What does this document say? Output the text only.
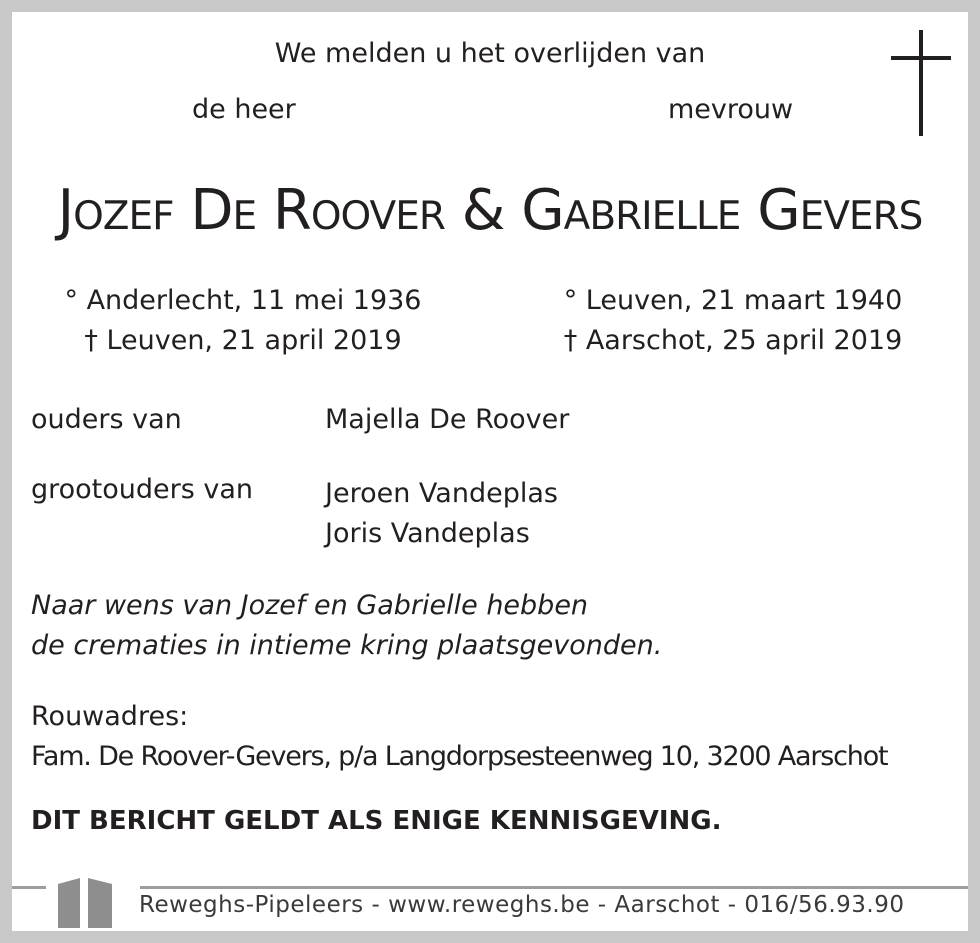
We melden u het overlijden van
de heer	mevrouw
Jozef De Roover & Gabrielle Gevers
° Anderlecht, 11 mei 1936
† Leuven, 21 april 2019
° Leuven, 21 maart 1940
† Aarschot, 25 april 2019
ouders van	Majella De Roover
grootouders van	Jeroen Vandeplas
Joris Vandeplas
Naar wens van Jozef en Gabrielle hebben
de crematies in intieme kring plaatsgevonden.
Rouwadres:
Fam. De Roover-Gevers, p/a Langdorpsesteenweg 10, 3200 Aarschot
DIT BERICHT GELDT ALS ENIGE KENNISGEVING.
Reweghs-Pipeleers - www.reweghs.be - Aarschot - 016/56.93.90
